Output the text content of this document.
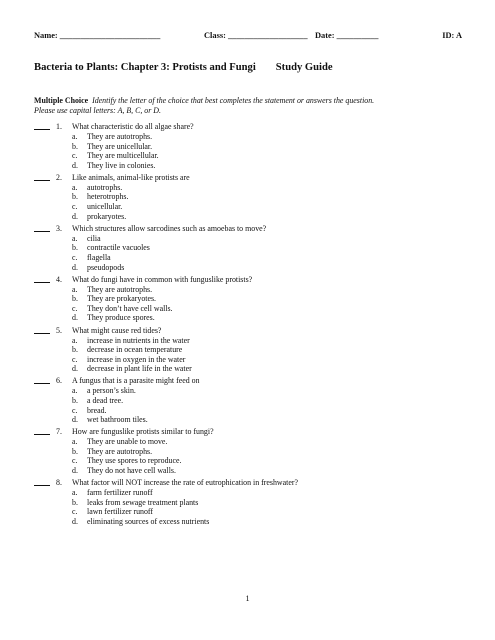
Name: ________________________	Class: ___________________ Date: __________	ID: A
Bacteria to Plants: Chapter 3: Protists and Fungi Study Guide
Multiple Choice Identify the letter of the choice that best completes the statement or answers the question.
Please use capital letters: A, B, C, or D.
1. What characteristic do all algae share?
a. They are autotrophs.
b. They are unicellular.
c. They are multicellular.
d. They live in colonies.
2. Like animals, animal-like protists are
a. autotrophs.
b. heterotrophs.
c. unicellular.
d. prokaryotes.
3. Which structures allow sarcodines such as amoebas to move?
a. cilia
b. contractile vacuoles
c. flagella
d. pseudopods
4. What do fungi have in common with funguslike protists?
a. They are autotrophs.
b. They are prokaryotes.
c. They don’t have cell walls.
d. They produce spores.
5. What might cause red tides?
a. increase in nutrients in the water
b. decrease in ocean temperature
c. increase in oxygen in the water
d. decrease in plant life in the water
6. A fungus that is a parasite might feed on
a. a person’s skin.
b. a dead tree.
c. bread.
d. wet bathroom tiles.
7. How are funguslike protists similar to fungi?
a. They are unable to move.
b. They are autotrophs.
c. They use spores to reproduce.
d. They do not have cell walls.
8. What factor will NOT increase the rate of eutrophication in freshwater?
a. farm fertilizer runoff
b. leaks from sewage treatment plants
c. lawn fertilizer runoff
d. eliminating sources of excess nutrients
1
